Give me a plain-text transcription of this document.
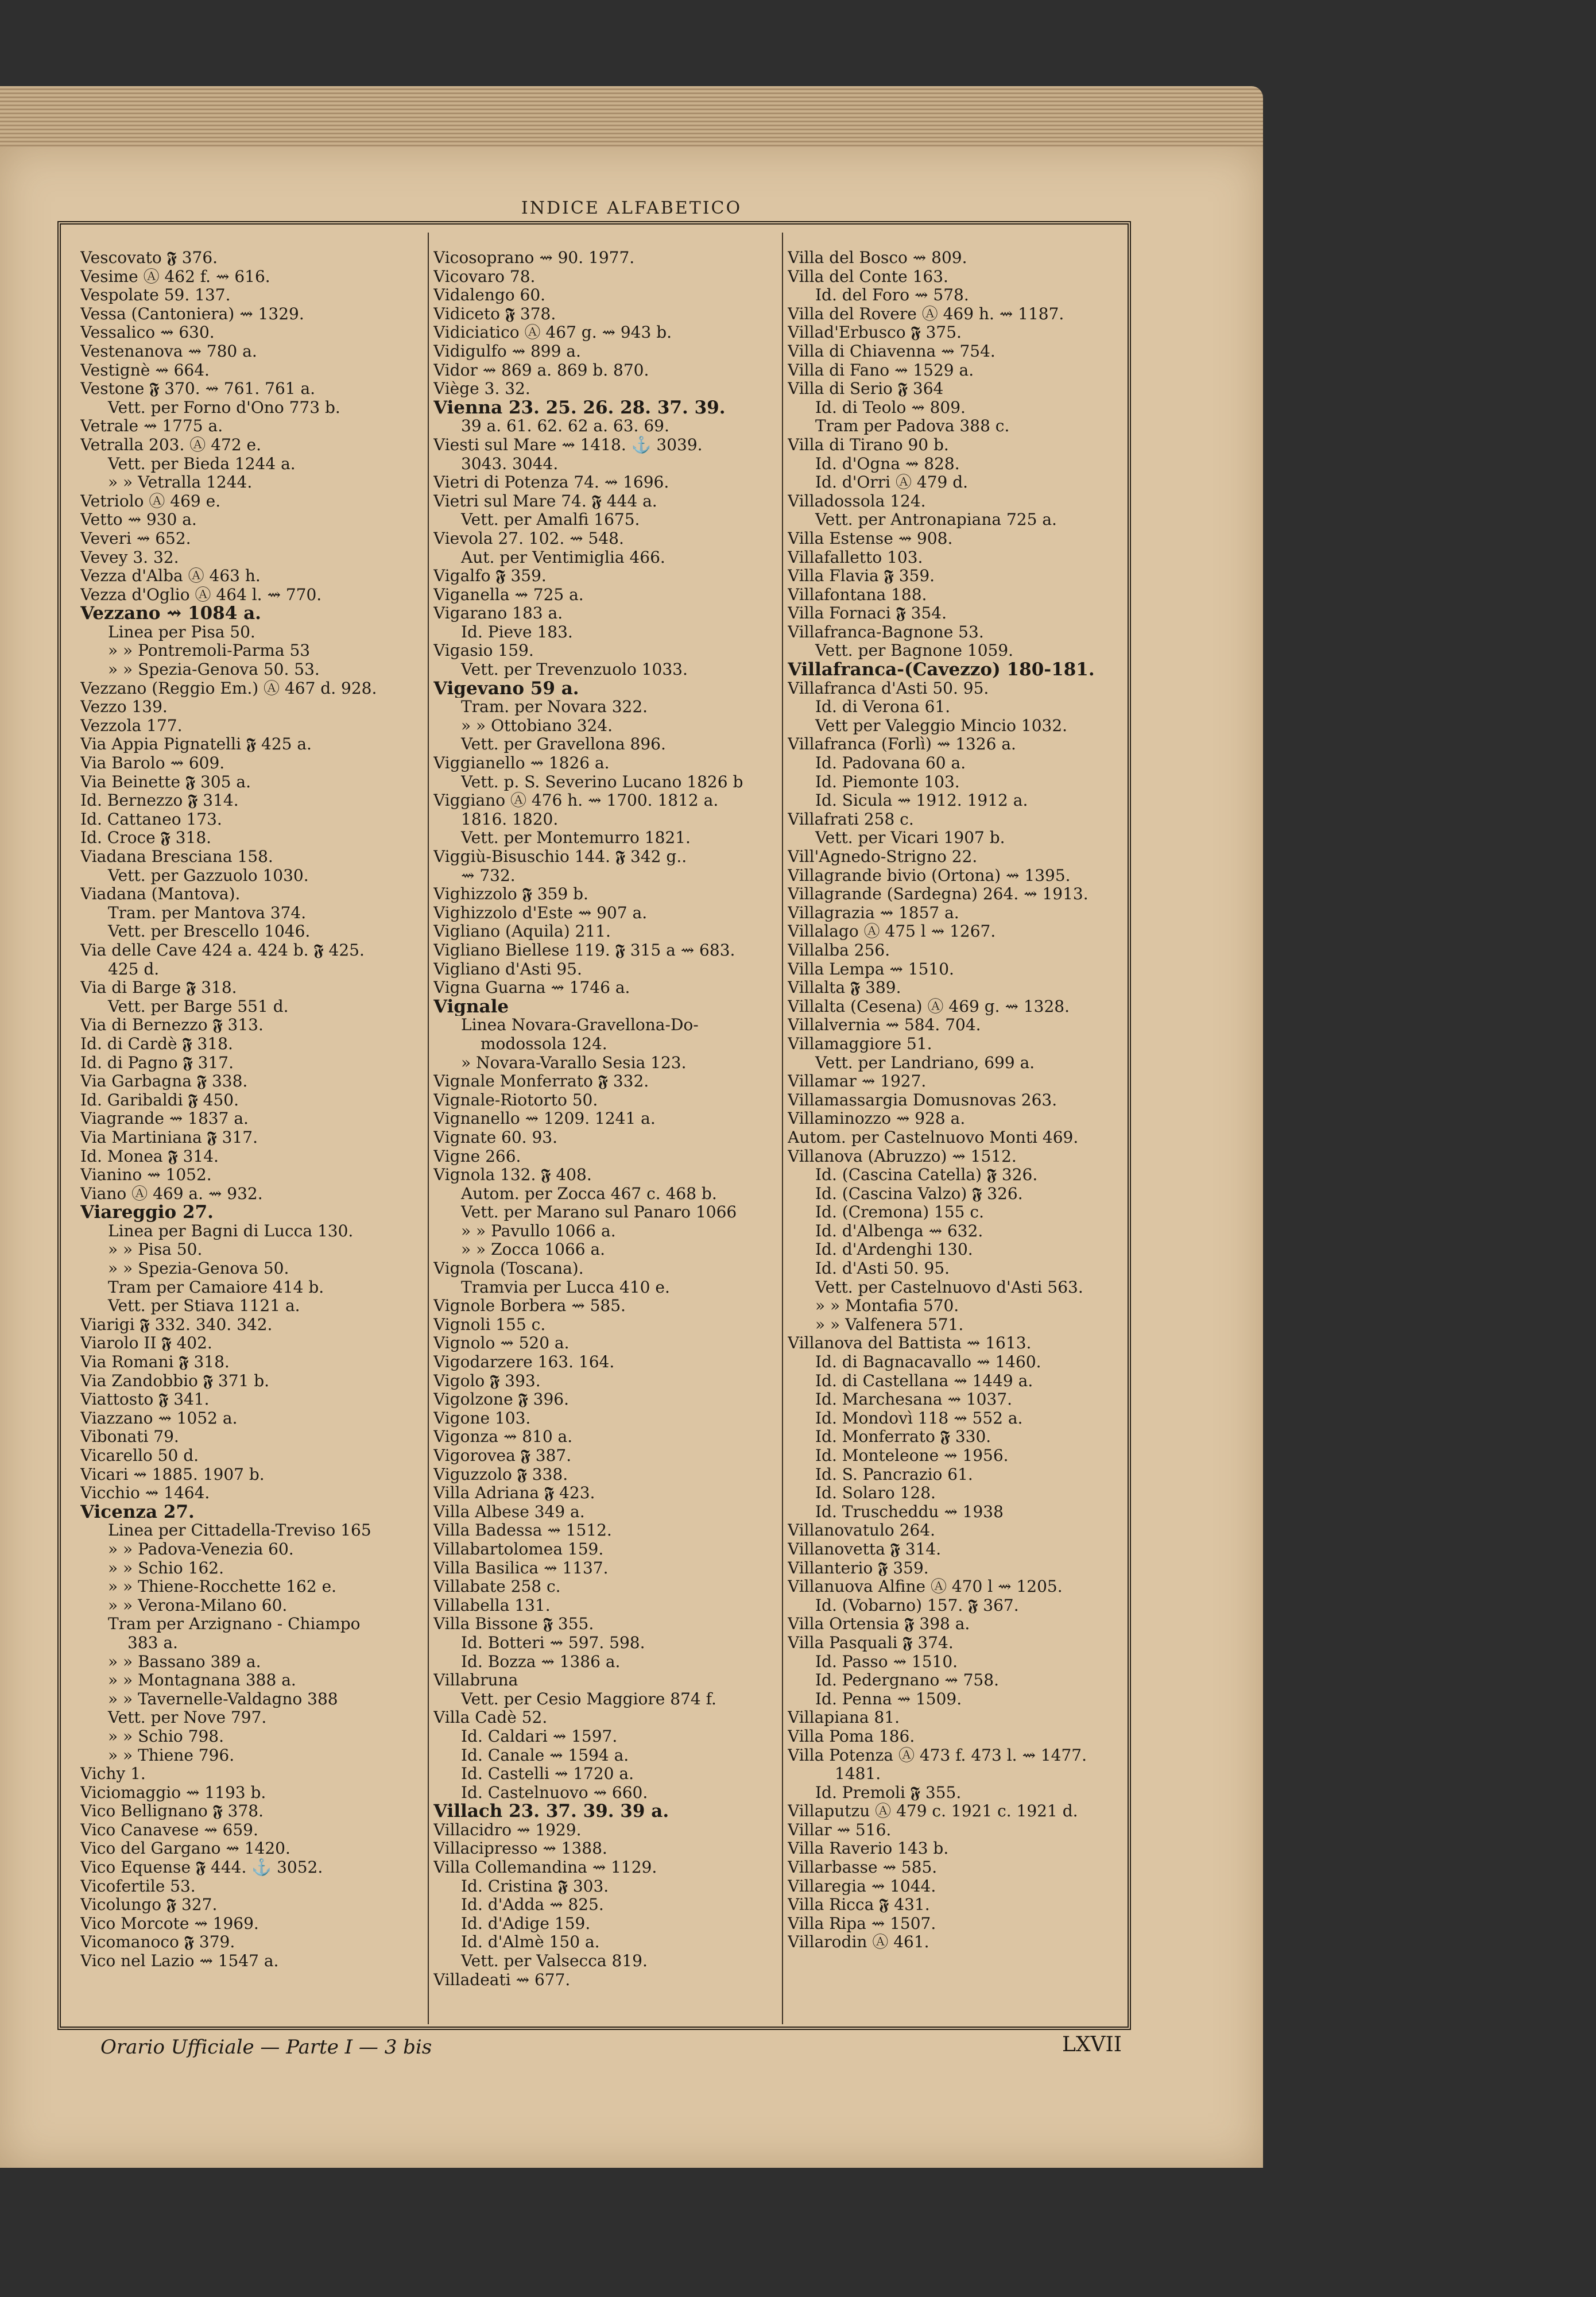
INDICE ALFABETICO
Vescovato 𝕱 376.
Vesime Ⓐ 462 f. ⇝ 616.
Vespolate 59. 137.
Vessa (Cantoniera) ⇝ 1329.
Vessalico ⇝ 630.
Vestenanova ⇝ 780 a.
Vestignè ⇝ 664.
Vestone 𝕱 370. ⇝ 761. 761 a.
Vett. per Forno d'Ono 773 b.
Vetrale ⇝ 1775 a.
Vetralla 203. Ⓐ 472 e.
Vett. per Bieda 1244 a.
» » Vetralla 1244.
Vetriolo Ⓐ 469 e.
Vetto ⇝ 930 a.
Veveri ⇝ 652.
Vevey 3. 32.
Vezza d'Alba Ⓐ 463 h.
Vezza d'Oglio Ⓐ 464 l. ⇝ 770.
Vezzano ⇝ 1084 a.
Linea per Pisa 50.
» » Pontremoli-Parma 53
» » Spezia-Genova 50. 53.
Vezzano (Reggio Em.) Ⓐ 467 d. 928.
Vezzo 139.
Vezzola 177.
Via Appia Pignatelli 𝕱 425 a.
Via Barolo ⇝ 609.
Via Beinette 𝕱 305 a.
Id. Bernezzo 𝕱 314.
Id. Cattaneo 173.
Id. Croce 𝕱 318.
Viadana Bresciana 158.
Vett. per Gazzuolo 1030.
Viadana (Mantova).
Tram. per Mantova 374.
Vett. per Brescello 1046.
Via delle Cave 424 a. 424 b. 𝕱 425.
425 d.
Via di Barge 𝕱 318.
Vett. per Barge 551 d.
Via di Bernezzo 𝕱 313.
Id. di Cardè 𝕱 318.
Id. di Pagno 𝕱 317.
Via Garbagna 𝕱 338.
Id. Garibaldi 𝕱 450.
Viagrande ⇝ 1837 a.
Via Martiniana 𝕱 317.
Id. Monea 𝕱 314.
Vianino ⇝ 1052.
Viano Ⓐ 469 a. ⇝ 932.
Viareggio 27.
Linea per Bagni di Lucca 130.
» » Pisa 50.
» » Spezia-Genova 50.
Tram per Camaiore 414 b.
Vett. per Stiava 1121 a.
Viarigi 𝕱 332. 340. 342.
Viarolo II 𝕱 402.
Via Romani 𝕱 318.
Via Zandobbio 𝕱 371 b.
Viattosto 𝕱 341.
Viazzano ⇝ 1052 a.
Vibonati 79.
Vicarello 50 d.
Vicari ⇝ 1885. 1907 b.
Vicchio ⇝ 1464.
Vicenza 27.
Linea per Cittadella-Treviso 165
» » Padova-Venezia 60.
» » Schio 162.
» » Thiene-Rocchette 162 e.
» » Verona-Milano 60.
Tram per Arzignano - Chiampo
383 a.
» » Bassano 389 a.
» » Montagnana 388 a.
» » Tavernelle-Valdagno 388
Vett. per Nove 797.
» » Schio 798.
» » Thiene 796.
Vichy 1.
Viciomaggio ⇝ 1193 b.
Vico Bellignano 𝕱 378.
Vico Canavese ⇝ 659.
Vico del Gargano ⇝ 1420.
Vico Equense 𝕱 444. ⚓ 3052.
Vicofertile 53.
Vicolungo 𝕱 327.
Vico Morcote ⇝ 1969.
Vicomanoco 𝕱 379.
Vico nel Lazio ⇝ 1547 a.
Vicosoprano ⇝ 90. 1977.
Vicovaro 78.
Vidalengo 60.
Vidiceto 𝕱 378.
Vidiciatico Ⓐ 467 g. ⇝ 943 b.
Vidigulfo ⇝ 899 a.
Vidor ⇝ 869 a. 869 b. 870.
Viège 3. 32.
Vienna 23. 25. 26. 28. 37. 39.
39 a. 61. 62. 62 a. 63. 69.
Viesti sul Mare ⇝ 1418. ⚓ 3039.
3043. 3044.
Vietri di Potenza 74. ⇝ 1696.
Vietri sul Mare 74. 𝕱 444 a.
Vett. per Amalfi 1675.
Vievola 27. 102. ⇝ 548.
Aut. per Ventimiglia 466.
Vigalfo 𝕱 359.
Viganella ⇝ 725 a.
Vigarano 183 a.
Id. Pieve 183.
Vigasio 159.
Vett. per Trevenzuolo 1033.
Vigevano 59 a.
Tram. per Novara 322.
» » Ottobiano 324.
Vett. per Gravellona 896.
Viggianello ⇝ 1826 a.
Vett. p. S. Severino Lucano 1826 b
Viggiano Ⓐ 476 h. ⇝ 1700. 1812 a.
1816. 1820.
Vett. per Montemurro 1821.
Viggiù-Bisuschio 144. 𝕱 342 g..
⇝ 732.
Vighizzolo 𝕱 359 b.
Vighizzolo d'Este ⇝ 907 a.
Vigliano (Aquila) 211.
Vigliano Biellese 119. 𝕱 315 a ⇝ 683.
Vigliano d'Asti 95.
Vigna Guarna ⇝ 1746 a.
Vignale
Linea Novara-Gravellona-Do-
modossola 124.
» Novara-Varallo Sesia 123.
Vignale Monferrato 𝕱 332.
Vignale-Riotorto 50.
Vignanello ⇝ 1209. 1241 a.
Vignate 60. 93.
Vigne 266.
Vignola 132. 𝕱 408.
Autom. per Zocca 467 c. 468 b.
Vett. per Marano sul Panaro 1066
» » Pavullo 1066 a.
» » Zocca 1066 a.
Vignola (Toscana).
Tramvia per Lucca 410 e.
Vignole Borbera ⇝ 585.
Vignoli 155 c.
Vignolo ⇝ 520 a.
Vigodarzere 163. 164.
Vigolo 𝕱 393.
Vigolzone 𝕱 396.
Vigone 103.
Vigonza ⇝ 810 a.
Vigorovea 𝕱 387.
Viguzzolo 𝕱 338.
Villa Adriana 𝕱 423.
Villa Albese 349 a.
Villa Badessa ⇝ 1512.
Villabartolomea 159.
Villa Basilica ⇝ 1137.
Villabate 258 c.
Villabella 131.
Villa Bissone 𝕱 355.
Id. Botteri ⇝ 597. 598.
Id. Bozza ⇝ 1386 a.
Villabruna
Vett. per Cesio Maggiore 874 f.
Villa Cadè 52.
Id. Caldari ⇝ 1597.
Id. Canale ⇝ 1594 a.
Id. Castelli ⇝ 1720 a.
Id. Castelnuovo ⇝ 660.
Villach 23. 37. 39. 39 a.
Villacidro ⇝ 1929.
Villacipresso ⇝ 1388.
Villa Collemandina ⇝ 1129.
Id. Cristina 𝕱 303.
Id. d'Adda ⇝ 825.
Id. d'Adige 159.
Id. d'Almè 150 a.
Vett. per Valsecca 819.
Villadeati ⇝ 677.
Villa del Bosco ⇝ 809.
Villa del Conte 163.
Id. del Foro ⇝ 578.
Villa del Rovere Ⓐ 469 h. ⇝ 1187.
Villad'Erbusco 𝕱 375.
Villa di Chiavenna ⇝ 754.
Villa di Fano ⇝ 1529 a.
Villa di Serio 𝕱 364
Id. di Teolo ⇝ 809.
Tram per Padova 388 c.
Villa di Tirano 90 b.
Id. d'Ogna ⇝ 828.
Id. d'Orri Ⓐ 479 d.
Villadossola 124.
Vett. per Antronapiana 725 a.
Villa Estense ⇝ 908.
Villafalletto 103.
Villa Flavia 𝕱 359.
Villafontana 188.
Villa Fornaci 𝕱 354.
Villafranca-Bagnone 53.
Vett. per Bagnone 1059.
Villafranca-(Cavezzo) 180-181.
Villafranca d'Asti 50. 95.
Id. di Verona 61.
Vett per Valeggio Mincio 1032.
Villafranca (Forlì) ⇝ 1326 a.
Id. Padovana 60 a.
Id. Piemonte 103.
Id. Sicula ⇝ 1912. 1912 a.
Villafrati 258 c.
Vett. per Vicari 1907 b.
Vill'Agnedo-Strigno 22.
Villagrande bivio (Ortona) ⇝ 1395.
Villagrande (Sardegna) 264. ⇝ 1913.
Villagrazia ⇝ 1857 a.
Villalago Ⓐ 475 l ⇝ 1267.
Villalba 256.
Villa Lempa ⇝ 1510.
Villalta 𝕱 389.
Villalta (Cesena) Ⓐ 469 g. ⇝ 1328.
Villalvernia ⇝ 584. 704.
Villamaggiore 51.
Vett. per Landriano, 699 a.
Villamar ⇝ 1927.
Villamassargia Domusnovas 263.
Villaminozzo ⇝ 928 a.
Autom. per Castelnuovo Monti 469.
Villanova (Abruzzo) ⇝ 1512.
Id. (Cascina Catella) 𝕱 326.
Id. (Cascina Valzo) 𝕱 326.
Id. (Cremona) 155 c.
Id. d'Albenga ⇝ 632.
Id. d'Ardenghi 130.
Id. d'Asti 50. 95.
Vett. per Castelnuovo d'Asti 563.
» » Montafia 570.
» » Valfenera 571.
Villanova del Battista ⇝ 1613.
Id. di Bagnacavallo ⇝ 1460.
Id. di Castellana ⇝ 1449 a.
Id. Marchesana ⇝ 1037.
Id. Mondovì 118 ⇝ 552 a.
Id. Monferrato 𝕱 330.
Id. Monteleone ⇝ 1956.
Id. S. Pancrazio 61.
Id. Solaro 128.
Id. Truscheddu ⇝ 1938
Villanovatulo 264.
Villanovetta 𝕱 314.
Villanterio 𝕱 359.
Villanuova Alfine Ⓐ 470 l ⇝ 1205.
Id. (Vobarno) 157. 𝕱 367.
Villa Ortensia 𝕱 398 a.
Villa Pasquali 𝕱 374.
Id. Passo ⇝ 1510.
Id. Pedergnano ⇝ 758.
Id. Penna ⇝ 1509.
Villapiana 81.
Villa Poma 186.
Villa Potenza Ⓐ 473 f. 473 l. ⇝ 1477.
1481.
Id. Premoli 𝕱 355.
Villaputzu Ⓐ 479 c. 1921 c. 1921 d.
Villar ⇝ 516.
Villa Raverio 143 b.
Villarbasse ⇝ 585.
Villaregia ⇝ 1044.
Villa Ricca 𝕱 431.
Villa Ripa ⇝ 1507.
Villarodin Ⓐ 461.
Orario Ufficiale — Parte I — 3 bis	LXVII
